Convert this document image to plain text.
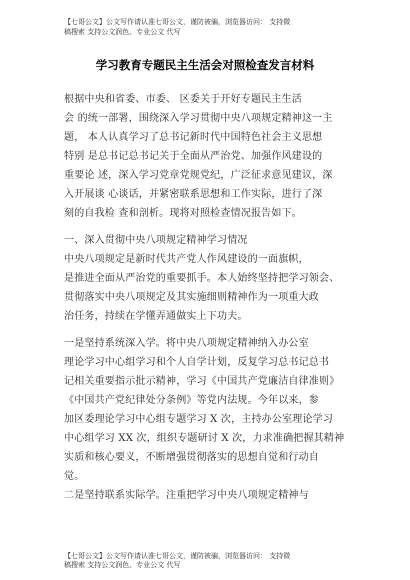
【七哥公文】公文写作请认准七哥公文，谨防被骗，浏览器访问： 支持微
稿搜索 支持公文润色、专业公文 代写
学习教育专题民主生活会对照检查发言材料
根据中央和省委、市委、 区委关于开好专题民主生活
会 的统一部署，围绕深入学习贯彻中央八项规定精神这一主
题， 本人认真学习了总书记新时代中国特色社会主义思想
特别 是总书记总书记关于全面从严治党、加强作风建设的
重要论 述，深入学习党章党规党纪，广泛征求意见建议，深
入开展谈 心谈话，并紧密联系思想和工作实际，进行了深
刻的自我检 查和剖析。现将对照检查情况报告如下。
一、深入贯彻中央八项规定精神学习情况
中央八项规定是新时代共产党人作风建设的一面旗帜，
是推进全面从严治党的重要抓手。本人始终坚持把学习领会、
贯彻落实中央八项规定及其实施细则精神作为一项重大政
治任务，持续在学懂弄通做实上下功夫。
一是坚持系统深入学。将中央八项规定精神纳入办公室
理论学习中心组学习和个人自学计划，反复学习总书记总书
记相关重要指示批示精神，学习《中国共产党廉洁自律准则》
《中国共产党纪律处分条例》等党内法规。今年以来，参
加区委理论学习中心组专题学习 X 次，主持办公室理论学习
中心组学习 XX 次，组织专题研讨 X 次，力求准确把握其精神
实质和核心要义，不断增强贯彻落实的思想自觉和行动自
觉。
二是坚持联系实际学。注重把学习中央八项规定精神与
【七哥公文】公文写作请认准七哥公文，谨防被骗，浏览器访问： 支持微
稿搜索 支持公文润色、专业公文 代写
